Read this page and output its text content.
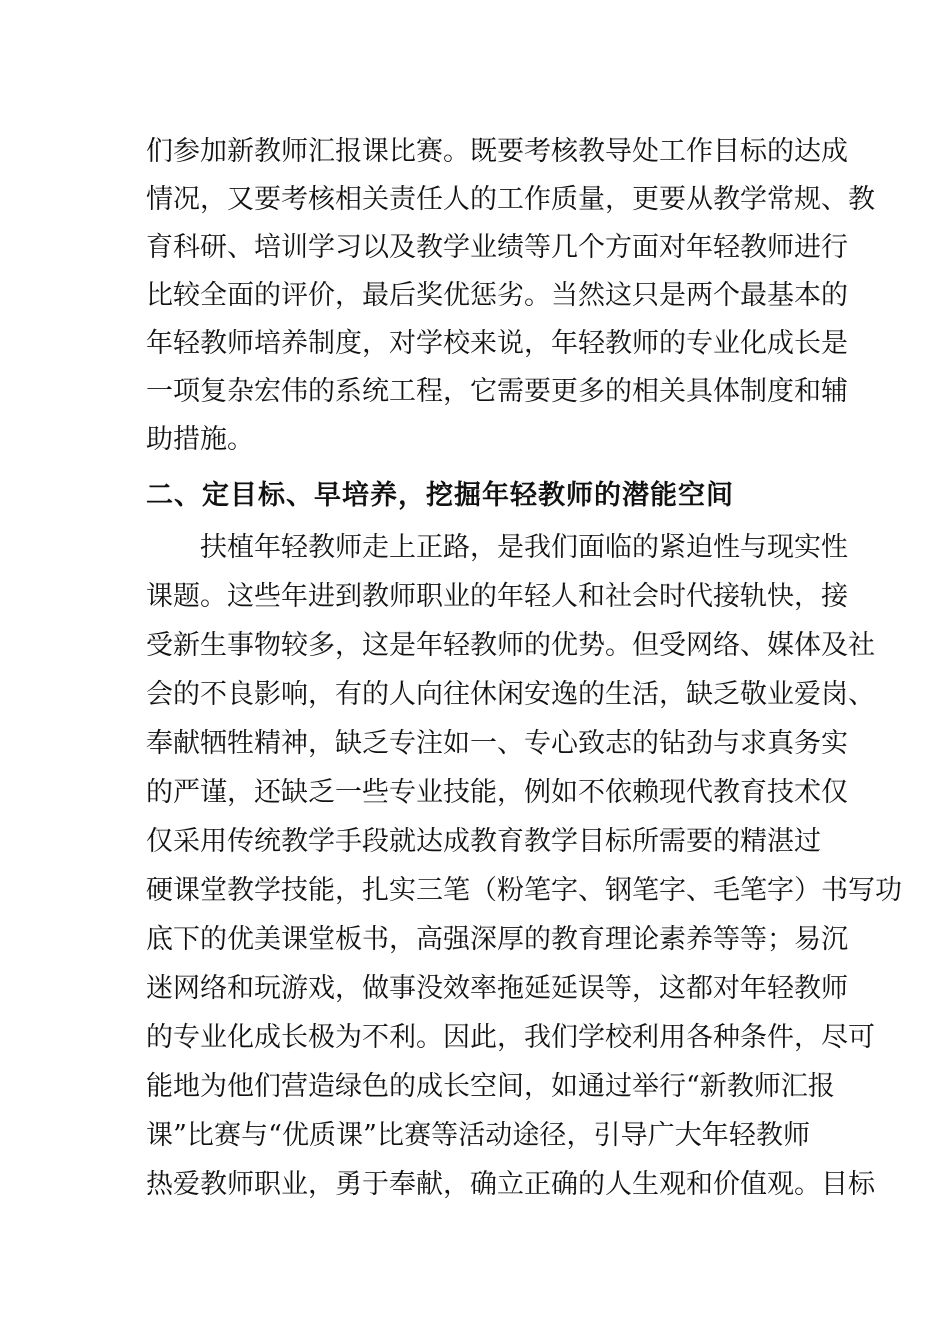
们参加新教师汇报课比赛。既要考核教导处工作目标的达成
情况，又要考核相关责任人的工作质量，更要从教学常规、教
育科研、培训学习以及教学业绩等几个方面对年轻教师进行
比较全面的评价，最后奖优惩劣。当然这只是两个最基本的
年轻教师培养制度，对学校来说，年轻教师的专业化成长是
一项复杂宏伟的系统工程，它需要更多的相关具体制度和辅
助措施。
二、定目标、早培养，挖掘年轻教师的潜能空间
扶植年轻教师走上正路，是我们面临的紧迫性与现实性
课题。这些年进到教师职业的年轻人和社会时代接轨快，接
受新生事物较多，这是年轻教师的优势。但受网络、媒体及社
会的不良影响，有的人向往休闲安逸的生活，缺乏敬业爱岗、
奉献牺牲精神，缺乏专注如一、专心致志的钻劲与求真务实
的严谨，还缺乏一些专业技能，例如不依赖现代教育技术仅
仅采用传统教学手段就达成教育教学目标所需要的精湛过
硬课堂教学技能，扎实三笔（粉笔字、钢笔字、毛笔字）书写功
底下的优美课堂板书，高强深厚的教育理论素养等等；易沉
迷网络和玩游戏，做事没效率拖延延误等，这都对年轻教师
的专业化成长极为不利。因此，我们学校利用各种条件，尽可
能地为他们营造绿色的成长空间，如通过举行“新教师汇报
课”比赛与“优质课”比赛等活动途径，引导广大年轻教师
热爱教师职业，勇于奉献，确立正确的人生观和价值观。目标
